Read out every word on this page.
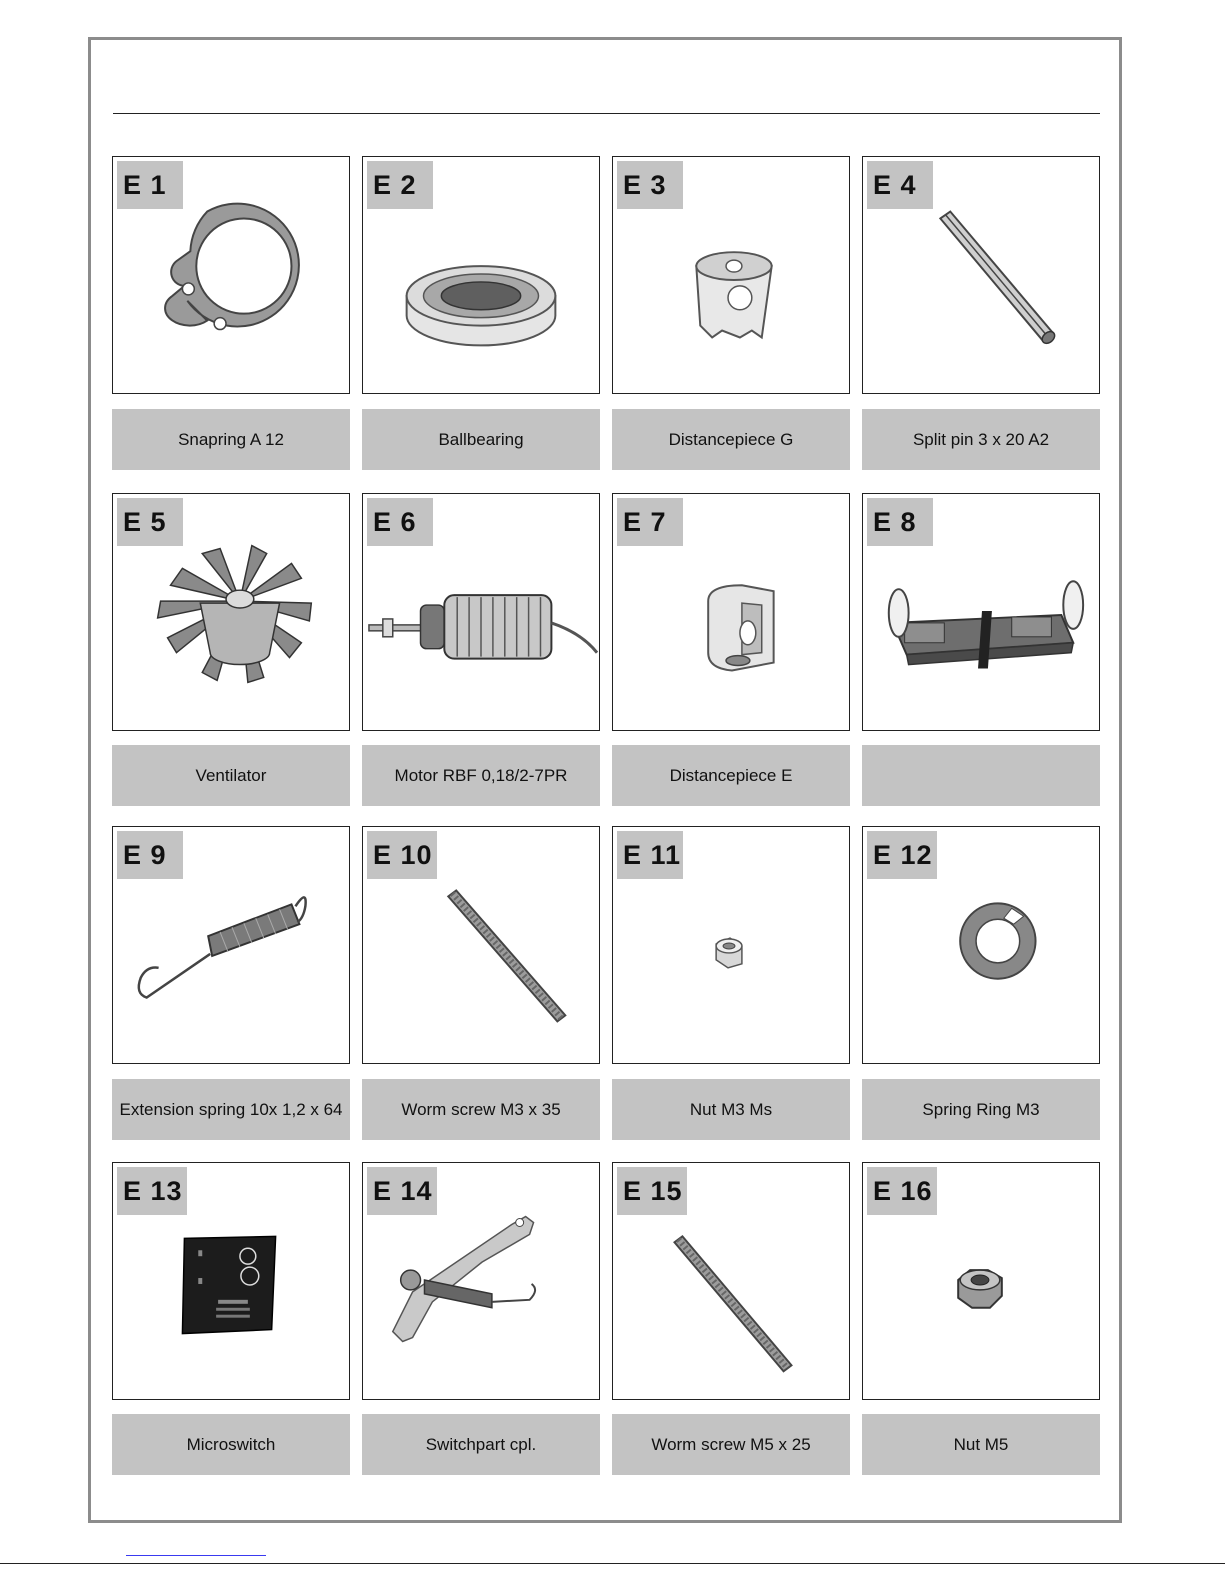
E 1	E 2	E 3	E 4
Snapring A 12	Ballbearing	Distancepiece G	Split pin 3 x 20 A2
E 5	E 6	E 7	E 8
Ventilator	Motor RBF 0,18/2-7PR	Distancepiece E
E 9	E 10	E 11	E 12
Extension spring 10x 1,2 x 64	Worm screw M3 x 35	Nut M3 Ms	Spring Ring M3
E 13	E 14	E 15	E 16
Microswitch	Switchpart cpl.	Worm screw M5 x 25	Nut M5
